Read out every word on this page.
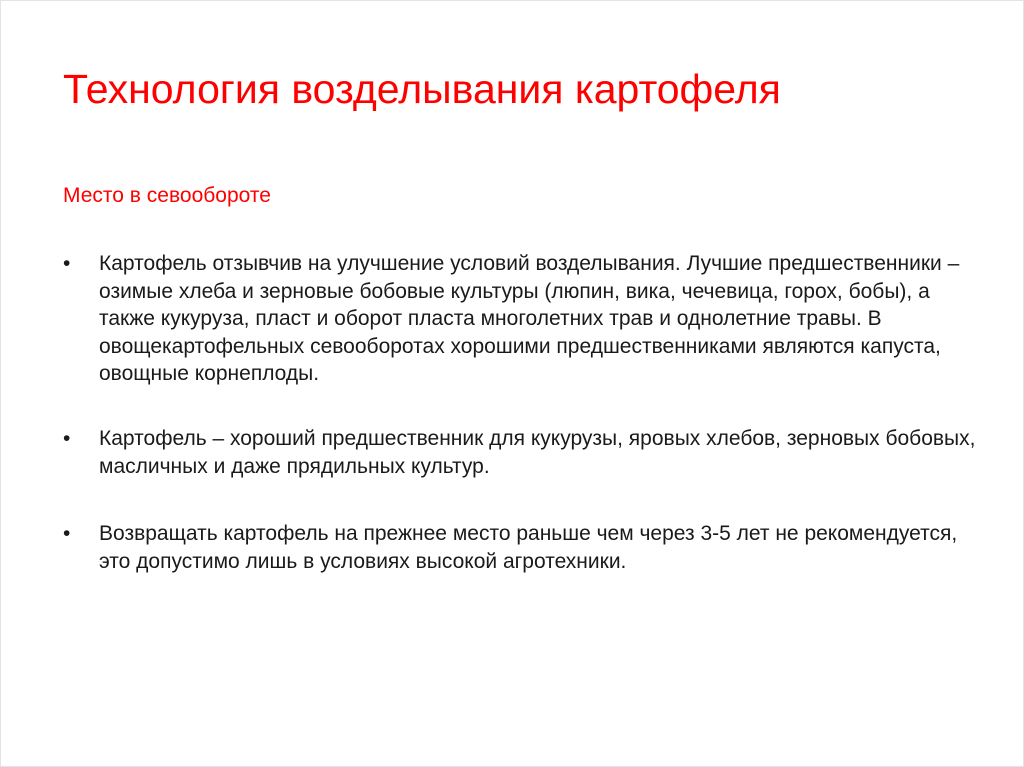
Технология возделывания картофеля

Место в севообороте

•	Картофель отзывчив на улучшение условий возделывания. Лучшие предшественники – озимые хлеба и зерновые бобовые культуры (люпин, вика, чечевица, горох, бобы), а также кукуруза, пласт и оборот пласта многолетних трав и однолетние травы. В овощекартофельных севооборотах хорошими предшественниками являются капуста, овощные корнеплоды.
•	Картофель – хороший предшественник для кукурузы, яровых хлебов, зерновых бобовых, масличных и даже прядильных культур.
•	Возвращать картофель на прежнее место раньше чем через 3-5 лет не рекомендуется, это допустимо лишь в условиях высокой агротехники.
